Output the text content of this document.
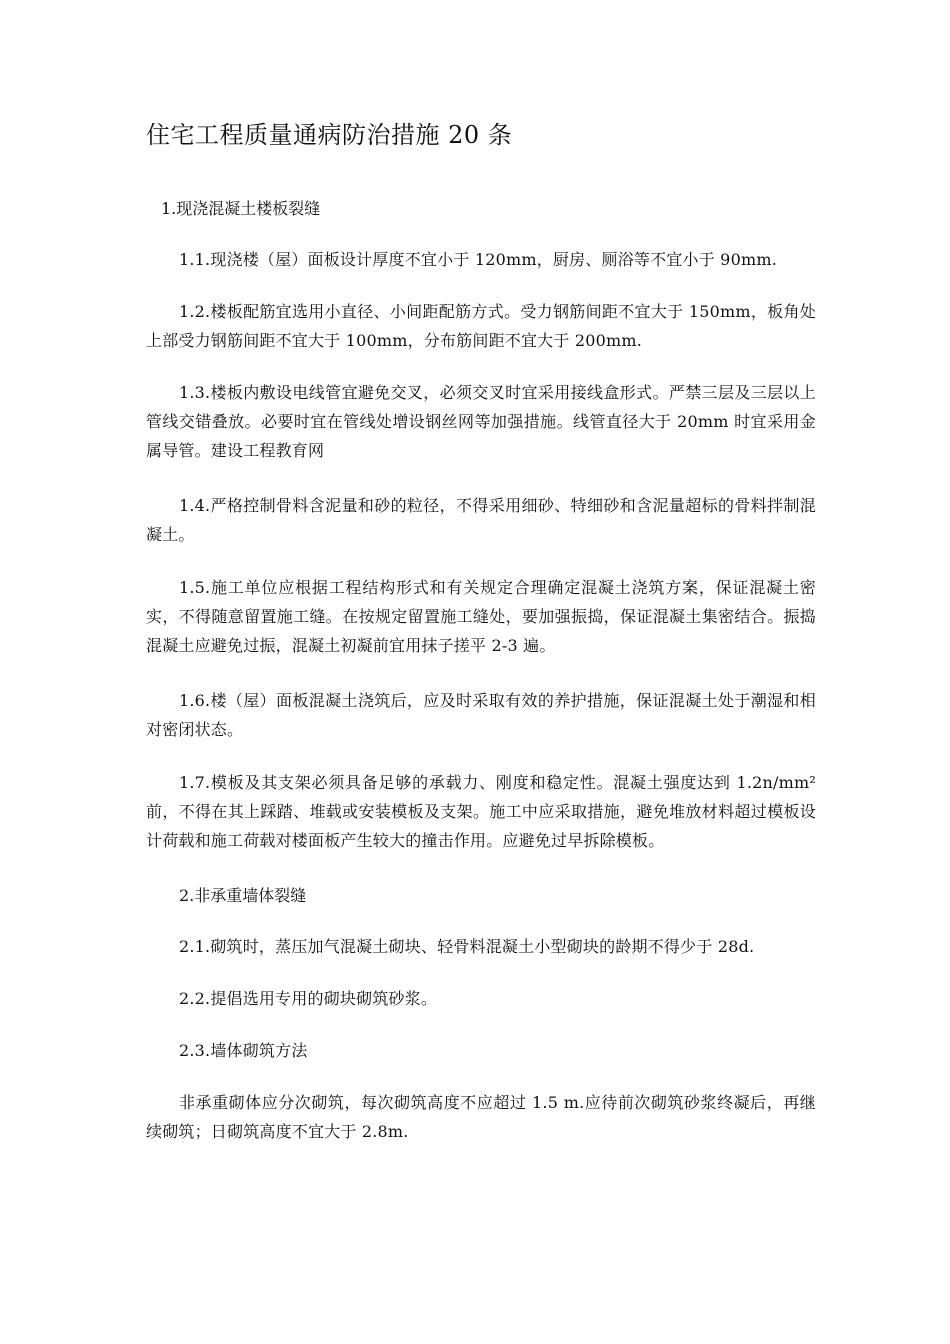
住宅工程质量通病防治措施 20 条

1.现浇混凝土楼板裂缝

1.1.现浇楼（屋）面板设计厚度不宜小于 120mm，厨房、厕浴等不宜小于 90mm.

1.2.楼板配筋宜选用小直径、小间距配筋方式。受力钢筋间距不宜大于 150mm，板角处上部受力钢筋间距不宜大于 100mm，分布筋间距不宜大于 200mm.

1.3.楼板内敷设电线管宜避免交叉，必须交叉时宜采用接线盒形式。严禁三层及三层以上管线交错叠放。必要时宜在管线处增设钢丝网等加强措施。线管直径大于 20mm 时宜采用金属导管。建设工程教育网

1.4.严格控制骨料含泥量和砂的粒径，不得采用细砂、特细砂和含泥量超标的骨料拌制混凝土。

1.5.施工单位应根据工程结构形式和有关规定合理确定混凝土浇筑方案，保证混凝土密实，不得随意留置施工缝。在按规定留置施工缝处，要加强振捣，保证混凝土集密结合。振捣混凝土应避免过振，混凝土初凝前宜用抹子搓平 2-3 遍。

1.6.楼（屋）面板混凝土浇筑后，应及时采取有效的养护措施，保证混凝土处于潮湿和相对密闭状态。

1.7.模板及其支架必须具备足够的承载力、刚度和稳定性。混凝土强度达到 1.2n/mm² 前，不得在其上踩踏、堆载或安装模板及支架。施工中应采取措施，避免堆放材料超过模板设计荷载和施工荷载对楼面板产生较大的撞击作用。应避免过早拆除模板。

2.非承重墙体裂缝

2.1.砌筑时，蒸压加气混凝土砌块、轻骨料混凝土小型砌块的龄期不得少于 28d.

2.2.提倡选用专用的砌块砌筑砂浆。

2.3.墙体砌筑方法

非承重砌体应分次砌筑，每次砌筑高度不应超过 1.5 m.应待前次砌筑砂浆终凝后，再继续砌筑；日砌筑高度不宜大于 2.8m.
